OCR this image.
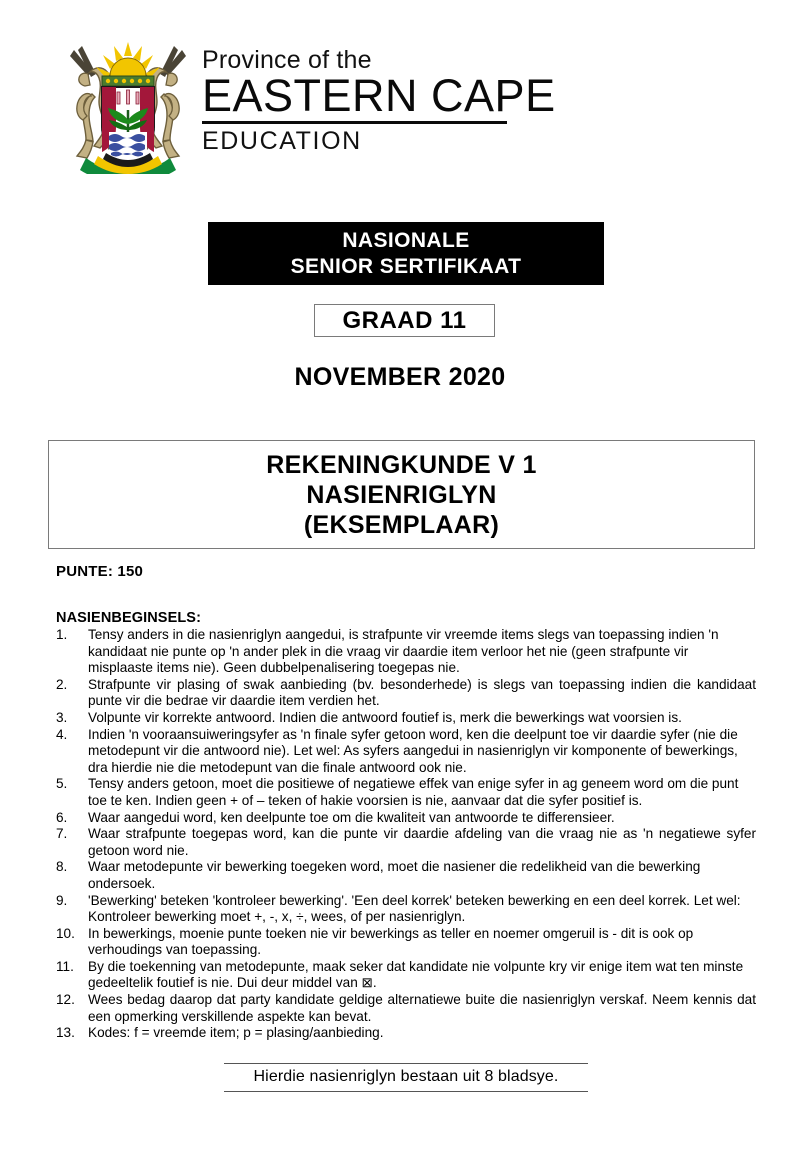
Province of the
EASTERN CAPE
EDUCATION
NASIONALE
SENIOR SERTIFIKAAT
GRAAD 11
NOVEMBER 2020
REKENINGKUNDE V 1
NASIENRIGLYN
(EKSEMPLAAR)
PUNTE: 150
NASIENBEGINSELS:
1.	Tensy anders in die nasienriglyn aangedui, is strafpunte vir vreemde items slegs van toepassing indien 'n kandidaat nie punte op 'n ander plek in die vraag vir daardie item verloor het nie (geen strafpunte vir misplaaste items nie). Geen dubbelpenalisering toegepas nie.
2.	Strafpunte vir plasing of swak aanbieding (bv. besonderhede) is slegs van toepassing indien die kandidaat punte vir die bedrae vir daardie item verdien het.
3.	Volpunte vir korrekte antwoord. Indien die antwoord foutief is, merk die bewerkings wat voorsien is.
4.	Indien 'n vooraansuiweringsyfer as 'n finale syfer getoon word, ken die deelpunt toe vir daardie syfer (nie die metodepunt vir die antwoord nie). Let wel: As syfers aangedui in nasienriglyn vir komponente of bewerkings, dra hierdie nie die metodepunt van die finale antwoord ook nie.
5.	Tensy anders getoon, moet die positiewe of negatiewe effek van enige syfer in ag geneem word om die punt toe te ken. Indien geen + of – teken of hakie voorsien is nie, aanvaar dat die syfer positief is.
6.	Waar aangedui word, ken deelpunte toe om die kwaliteit van antwoorde te differensieer.
7.	Waar strafpunte toegepas word, kan die punte vir daardie afdeling van die vraag nie as 'n negatiewe syfer getoon word nie.
8.	Waar metodepunte vir bewerking toegeken word, moet die nasiener die redelikheid van die bewerking ondersoek.
9.	'Bewerking' beteken 'kontroleer bewerking'. 'Een deel korrek' beteken bewerking en een deel korrek. Let wel: Kontroleer bewerking moet +, -, x, ÷, wees, of per nasienriglyn.
10. In bewerkings, moenie punte toeken nie vir bewerkings as teller en noemer omgeruil is - dit is ook op verhoudings van toepassing.
11.	By die toekenning van metodepunte, maak seker dat kandidate nie volpunte kry vir enige item wat ten minste gedeeltelik foutief is nie. Dui deur middel van ⊠.
12. Wees bedag daarop dat party kandidate geldige alternatiewe buite die nasienriglyn verskaf. Neem kennis dat een opmerking verskillende aspekte kan bevat.
13. Kodes: f = vreemde item; p = plasing/aanbieding.
Hierdie nasienriglyn bestaan uit 8 bladsye.
